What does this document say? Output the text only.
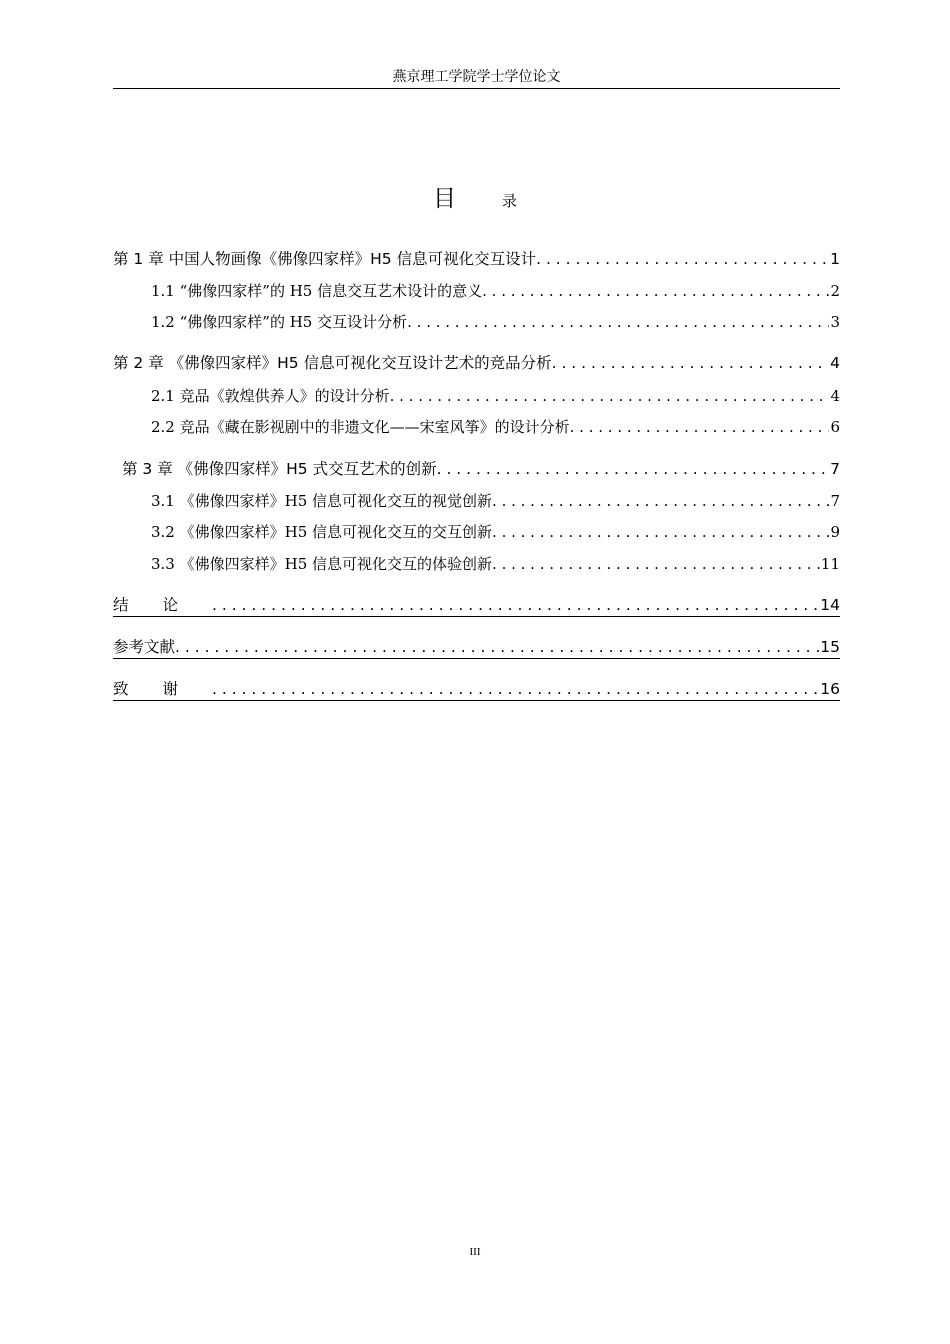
燕京理工学院学士学位论文
目	录
第 1 章 中国人物画像《佛像四家样》H5 信息可视化交互设计 . . .	1
1.1 “佛像四家样”的 H5 信息交互艺术设计的意义 . . .	2
1.2 “佛像四家样”的 H5 交互设计分析 . . .	3
第 2 章 《佛像四家样》H5 信息可视化交互设计艺术的竞品分析 . . .	4
2.1 竞品《敦煌供养人》的设计分析 . . .	4
2.2 竞品《藏在影视剧中的非遗文化——宋室风筝》的设计分析 . . .	6
第 3 章 《佛像四家样》H5 式交互艺术的创新 . . .	7
3.1 《佛像四家样》H5 信息可视化交互的视觉创新 . . .	7
3.2 《佛像四家样》H5 信息可视化交互的交互创新 . . .	9
3.3 《佛像四家样》H5 信息可视化交互的体验创新 . . .	11
结论 . . .	14
参考文献 . . .	15
致谢 . . .	16
III
